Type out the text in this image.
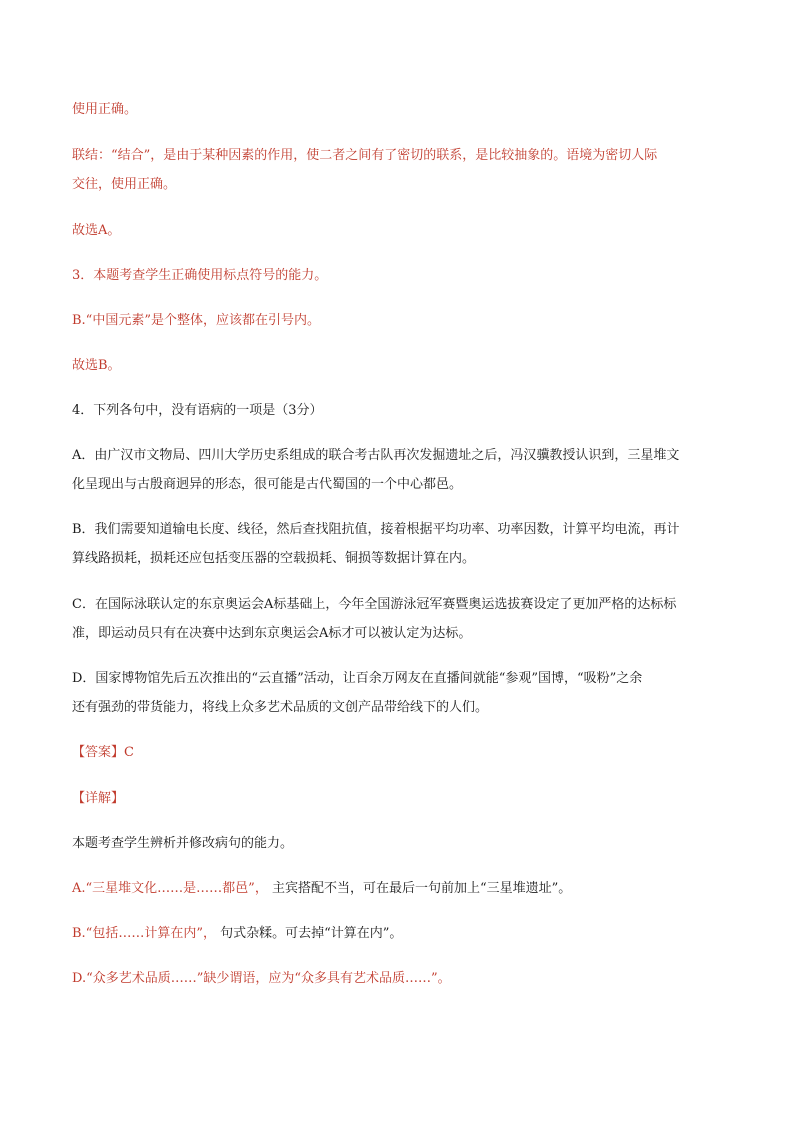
使用正确。
联结：“结合”，是由于某种因素的作用，使二者之间有了密切的联系，是比较抽象的。语境为密切人际
交往，使用正确。
故选A。
3．本题考查学生正确使用标点符号的能力。
B.“中国元素”是个整体，应该都在引号内。
故选B。
4．下列各句中，没有语病的一项是（3分）
A．由广汉市文物局、四川大学历史系组成的联合考古队再次发掘遗址之后，冯汉骥教授认识到，三星堆文
化呈现出与古殷商迥异的形态，很可能是古代蜀国的一个中心都邑。
B．我们需要知道输电长度、线径，然后查找阻抗值，接着根据平均功率、功率因数，计算平均电流，再计
算线路损耗，损耗还应包括变压器的空载损耗、铜损等数据计算在内。
C．在国际泳联认定的东京奥运会A标基础上，今年全国游泳冠军赛暨奥运选拔赛设定了更加严格的达标标
准，即运动员只有在决赛中达到东京奥运会A标才可以被认定为达标。
D．国家博物馆先后五次推出的“云直播”活动，让百余万网友在直播间就能“参观”国博，“吸粉”之余
还有强劲的带货能力，将线上众多艺术品质的文创产品带给线下的人们。
【答案】C
【详解】
本题考查学生辨析并修改病句的能力。
A.“三星堆文化……是……都邑”， 主宾搭配不当，可在最后一句前加上“三星堆遗址”。
B.“包括……计算在内”， 句式杂糅。可去掉“计算在内”。
D.“众多艺术品质……”缺少谓语，应为“众多具有艺术品质……”。
